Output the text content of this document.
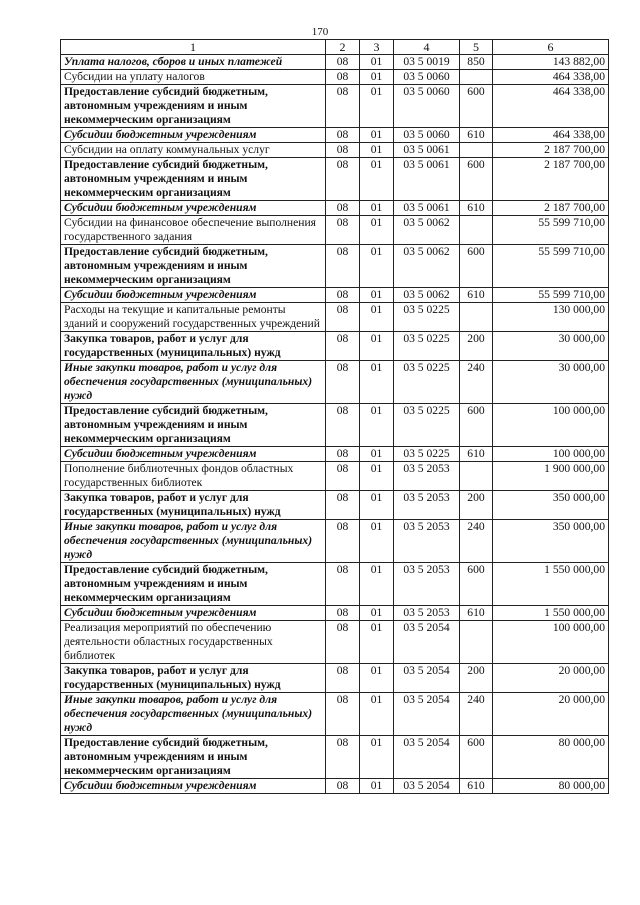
170
1	2	3	4	5	6
Уплата налогов, сборов и иных платежей	08	01	03 5 0019	850	143 882,00
Субсидии на уплату налогов	08	01	03 5 0060		464 338,00
Предоставление субсидий бюджетным, автономным учреждениям и иным некоммерческим организациям	08	01	03 5 0060	600	464 338,00
Субсидии бюджетным учреждениям	08	01	03 5 0060	610	464 338,00
Субсидии на оплату коммунальных услуг	08	01	03 5 0061		2 187 700,00
Предоставление субсидий бюджетным, автономным учреждениям и иным некоммерческим организациям	08	01	03 5 0061	600	2 187 700,00
Субсидии бюджетным учреждениям	08	01	03 5 0061	610	2 187 700,00
Субсидии на финансовое обеспечение выполнения государственного задания	08	01	03 5 0062		55 599 710,00
Предоставление субсидий бюджетным, автономным учреждениям и иным некоммерческим организациям	08	01	03 5 0062	600	55 599 710,00
Субсидии бюджетным учреждениям	08	01	03 5 0062	610	55 599 710,00
Расходы на текущие и капитальные ремонты зданий и сооружений государственных учреждений	08	01	03 5 0225		130 000,00
Закупка товаров, работ и услуг для государственных (муниципальных) нужд	08	01	03 5 0225	200	30 000,00
Иные закупки товаров, работ и услуг для обеспечения государственных (муниципальных) нужд	08	01	03 5 0225	240	30 000,00
Предоставление субсидий бюджетным, автономным учреждениям и иным некоммерческим организациям	08	01	03 5 0225	600	100 000,00
Субсидии бюджетным учреждениям	08	01	03 5 0225	610	100 000,00
Пополнение библиотечных фондов областных государственных библиотек	08	01	03 5 2053		1 900 000,00
Закупка товаров, работ и услуг для государственных (муниципальных) нужд	08	01	03 5 2053	200	350 000,00
Иные закупки товаров, работ и услуг для обеспечения государственных (муниципальных) нужд	08	01	03 5 2053	240	350 000,00
Предоставление субсидий бюджетным, автономным учреждениям и иным некоммерческим организациям	08	01	03 5 2053	600	1 550 000,00
Субсидии бюджетным учреждениям	08	01	03 5 2053	610	1 550 000,00
Реализация мероприятий по обеспечению деятельности областных государственных библиотек	08	01	03 5 2054		100 000,00
Закупка товаров, работ и услуг для государственных (муниципальных) нужд	08	01	03 5 2054	200	20 000,00
Иные закупки товаров, работ и услуг для обеспечения государственных (муниципальных) нужд	08	01	03 5 2054	240	20 000,00
Предоставление субсидий бюджетным, автономным учреждениям и иным некоммерческим организациям	08	01	03 5 2054	600	80 000,00
Субсидии бюджетным учреждениям	08	01	03 5 2054	610	80 000,00
